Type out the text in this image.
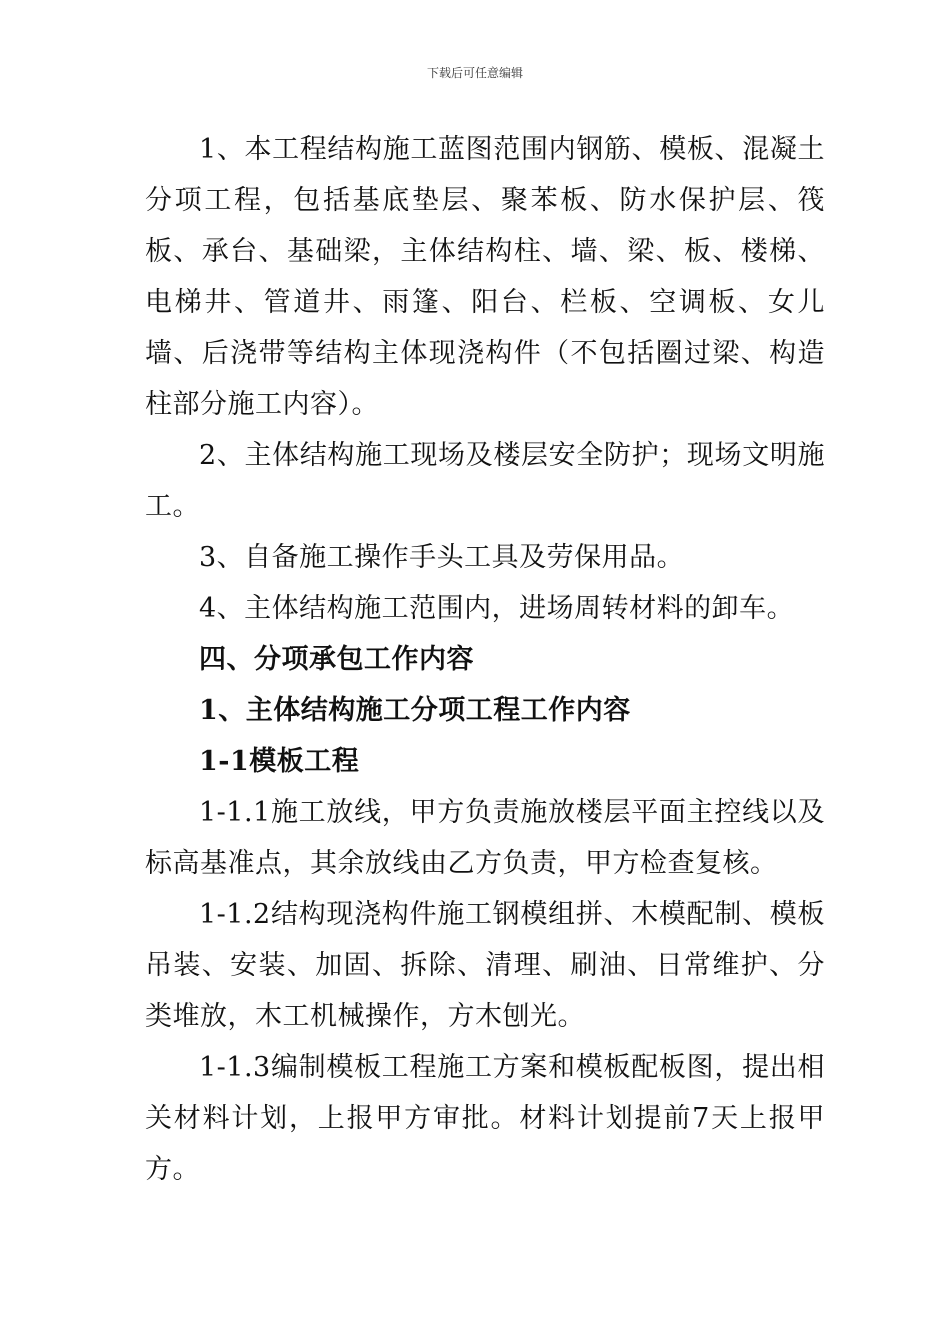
下载后可任意编辑

1、本工程结构施工蓝图范围内钢筋、模板、混凝土分项工程，包括基底垫层、聚苯板、防水保护层、筏板、承台、基础梁，主体结构柱、墙、梁、板、楼梯、电梯井、管道井、雨篷、阳台、栏板、空调板、女儿墙、后浇带等结构主体现浇构件（不包括圈过梁、构造柱部分施工内容）。

2、主体结构施工现场及楼层安全防护；现场文明施工。

3、自备施工操作手头工具及劳保用品。

4、主体结构施工范围内，进场周转材料的卸车。

四、分项承包工作内容

1、主体结构施工分项工程工作内容

1-1模板工程

1-1.1施工放线，甲方负责施放楼层平面主控线以及标高基准点，其余放线由乙方负责，甲方检查复核。

1-1.2结构现浇构件施工钢模组拼、木模配制、模板吊装、安装、加固、拆除、清理、刷油、日常维护、分类堆放，木工机械操作，方木刨光。

1-1.3编制模板工程施工方案和模板配板图，提出相关材料计划，上报甲方审批。材料计划提前7天上报甲方。
